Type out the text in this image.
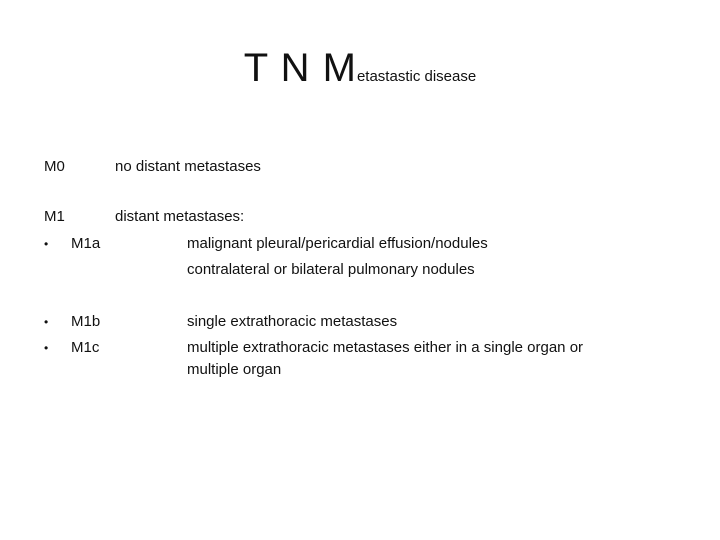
T N Metastastic disease
M0	no distant metastases
M1	distant metastases:
• M1a	malignant pleural/pericardial effusion/nodules
contralateral or bilateral pulmonary nodules
• M1b	single extrathoracic metastases
• M1c	multiple extrathoracic metastases either in a single organ or multiple organ
